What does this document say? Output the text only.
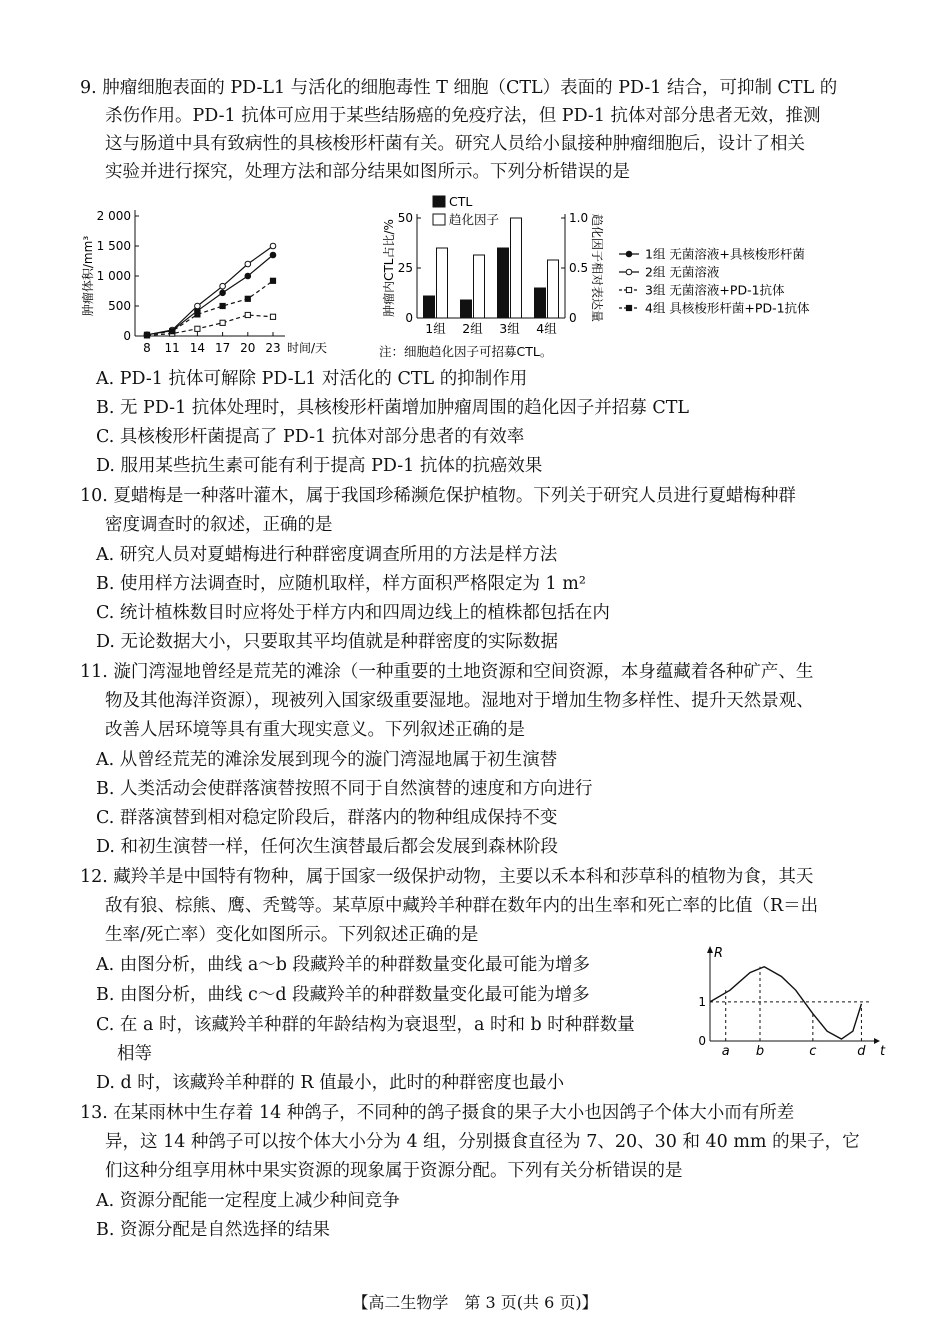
9. 肿瘤细胞表面的 PD-L1 与活化的细胞毒性 T 细胞（CTL）表面的 PD-1 结合，可抑制 CTL 的
杀伤作用。PD-1 抗体可应用于某些结肠癌的免疫疗法，但 PD-1 抗体对部分患者无效，推测
这与肠道中具有致病性的具核梭形杆菌有关。研究人员给小鼠接种肿瘤细胞后，设计了相关
实验并进行探究，处理方法和部分结果如图所示。下列分析错误的是
0
500
1 000
1 500
2 000
8 11 14 17 20 23 时间/天
肿瘤体积/mm³
0
25
50
0
0.5
1.0
肿瘤内CTL占比/%	趋化因子相对表达量
1组 2组 3组 4组
CTL
趋化因子
注：细胞趋化因子可招募CTL。
1组 无菌溶液+具核梭形杆菌
2组 无菌溶液
3组 无菌溶液+PD-1抗体
4组 具核梭形杆菌+PD-1抗体
A. PD-1 抗体可解除 PD-L1 对活化的 CTL 的抑制作用
B. 无 PD-1 抗体处理时，具核梭形杆菌增加肿瘤周围的趋化因子并招募 CTL
C. 具核梭形杆菌提高了 PD-1 抗体对部分患者的有效率
D. 服用某些抗生素可能有利于提高 PD-1 抗体的抗癌效果
10. 夏蜡梅是一种落叶灌木，属于我国珍稀濒危保护植物。下列关于研究人员进行夏蜡梅种群
密度调查时的叙述，正确的是
A. 研究人员对夏蜡梅进行种群密度调查所用的方法是样方法
B. 使用样方法调查时，应随机取样，样方面积严格限定为 1 m²
C. 统计植株数目时应将处于样方内和四周边线上的植株都包括在内
D. 无论数据大小，只要取其平均值就是种群密度的实际数据
11. 漩门湾湿地曾经是荒芜的滩涂（一种重要的土地资源和空间资源，本身蕴藏着各种矿产、生
物及其他海洋资源），现被列入国家级重要湿地。湿地对于增加生物多样性、提升天然景观、
改善人居环境等具有重大现实意义。下列叙述正确的是
A. 从曾经荒芜的滩涂发展到现今的漩门湾湿地属于初生演替
B. 人类活动会使群落演替按照不同于自然演替的速度和方向进行
C. 群落演替到相对稳定阶段后，群落内的物种组成保持不变
D. 和初生演替一样，任何次生演替最后都会发展到森林阶段
12. 藏羚羊是中国特有物种，属于国家一级保护动物，主要以禾本科和莎草科的植物为食，其天
敌有狼、棕熊、鹰、秃鹫等。某草原中藏羚羊种群在数年内的出生率和死亡率的比值（R＝出
生率/死亡率）变化如图所示。下列叙述正确的是
A. 由图分析，曲线 a～b 段藏羚羊的种群数量变化最可能为增多
B. 由图分析，曲线 c～d 段藏羚羊的种群数量变化最可能为增多
C. 在 a 时，该藏羚羊种群的年龄结构为衰退型，a 时和 b 时种群数量
相等
D. d 时，该藏羚羊种群的 R 值最小，此时的种群密度也最小
R
t
0
1
a b	c	d
13. 在某雨林中生存着 14 种鸽子，不同种的鸽子摄食的果子大小也因鸽子个体大小而有所差
异，这 14 种鸽子可以按个体大小分为 4 组，分别摄食直径为 7、20、30 和 40 mm 的果子，它
们这种分组享用林中果实资源的现象属于资源分配。下列有关分析错误的是
A. 资源分配能一定程度上减少种间竞争
B. 资源分配是自然选择的结果
【高二生物学　第 3 页(共 6 页)】
